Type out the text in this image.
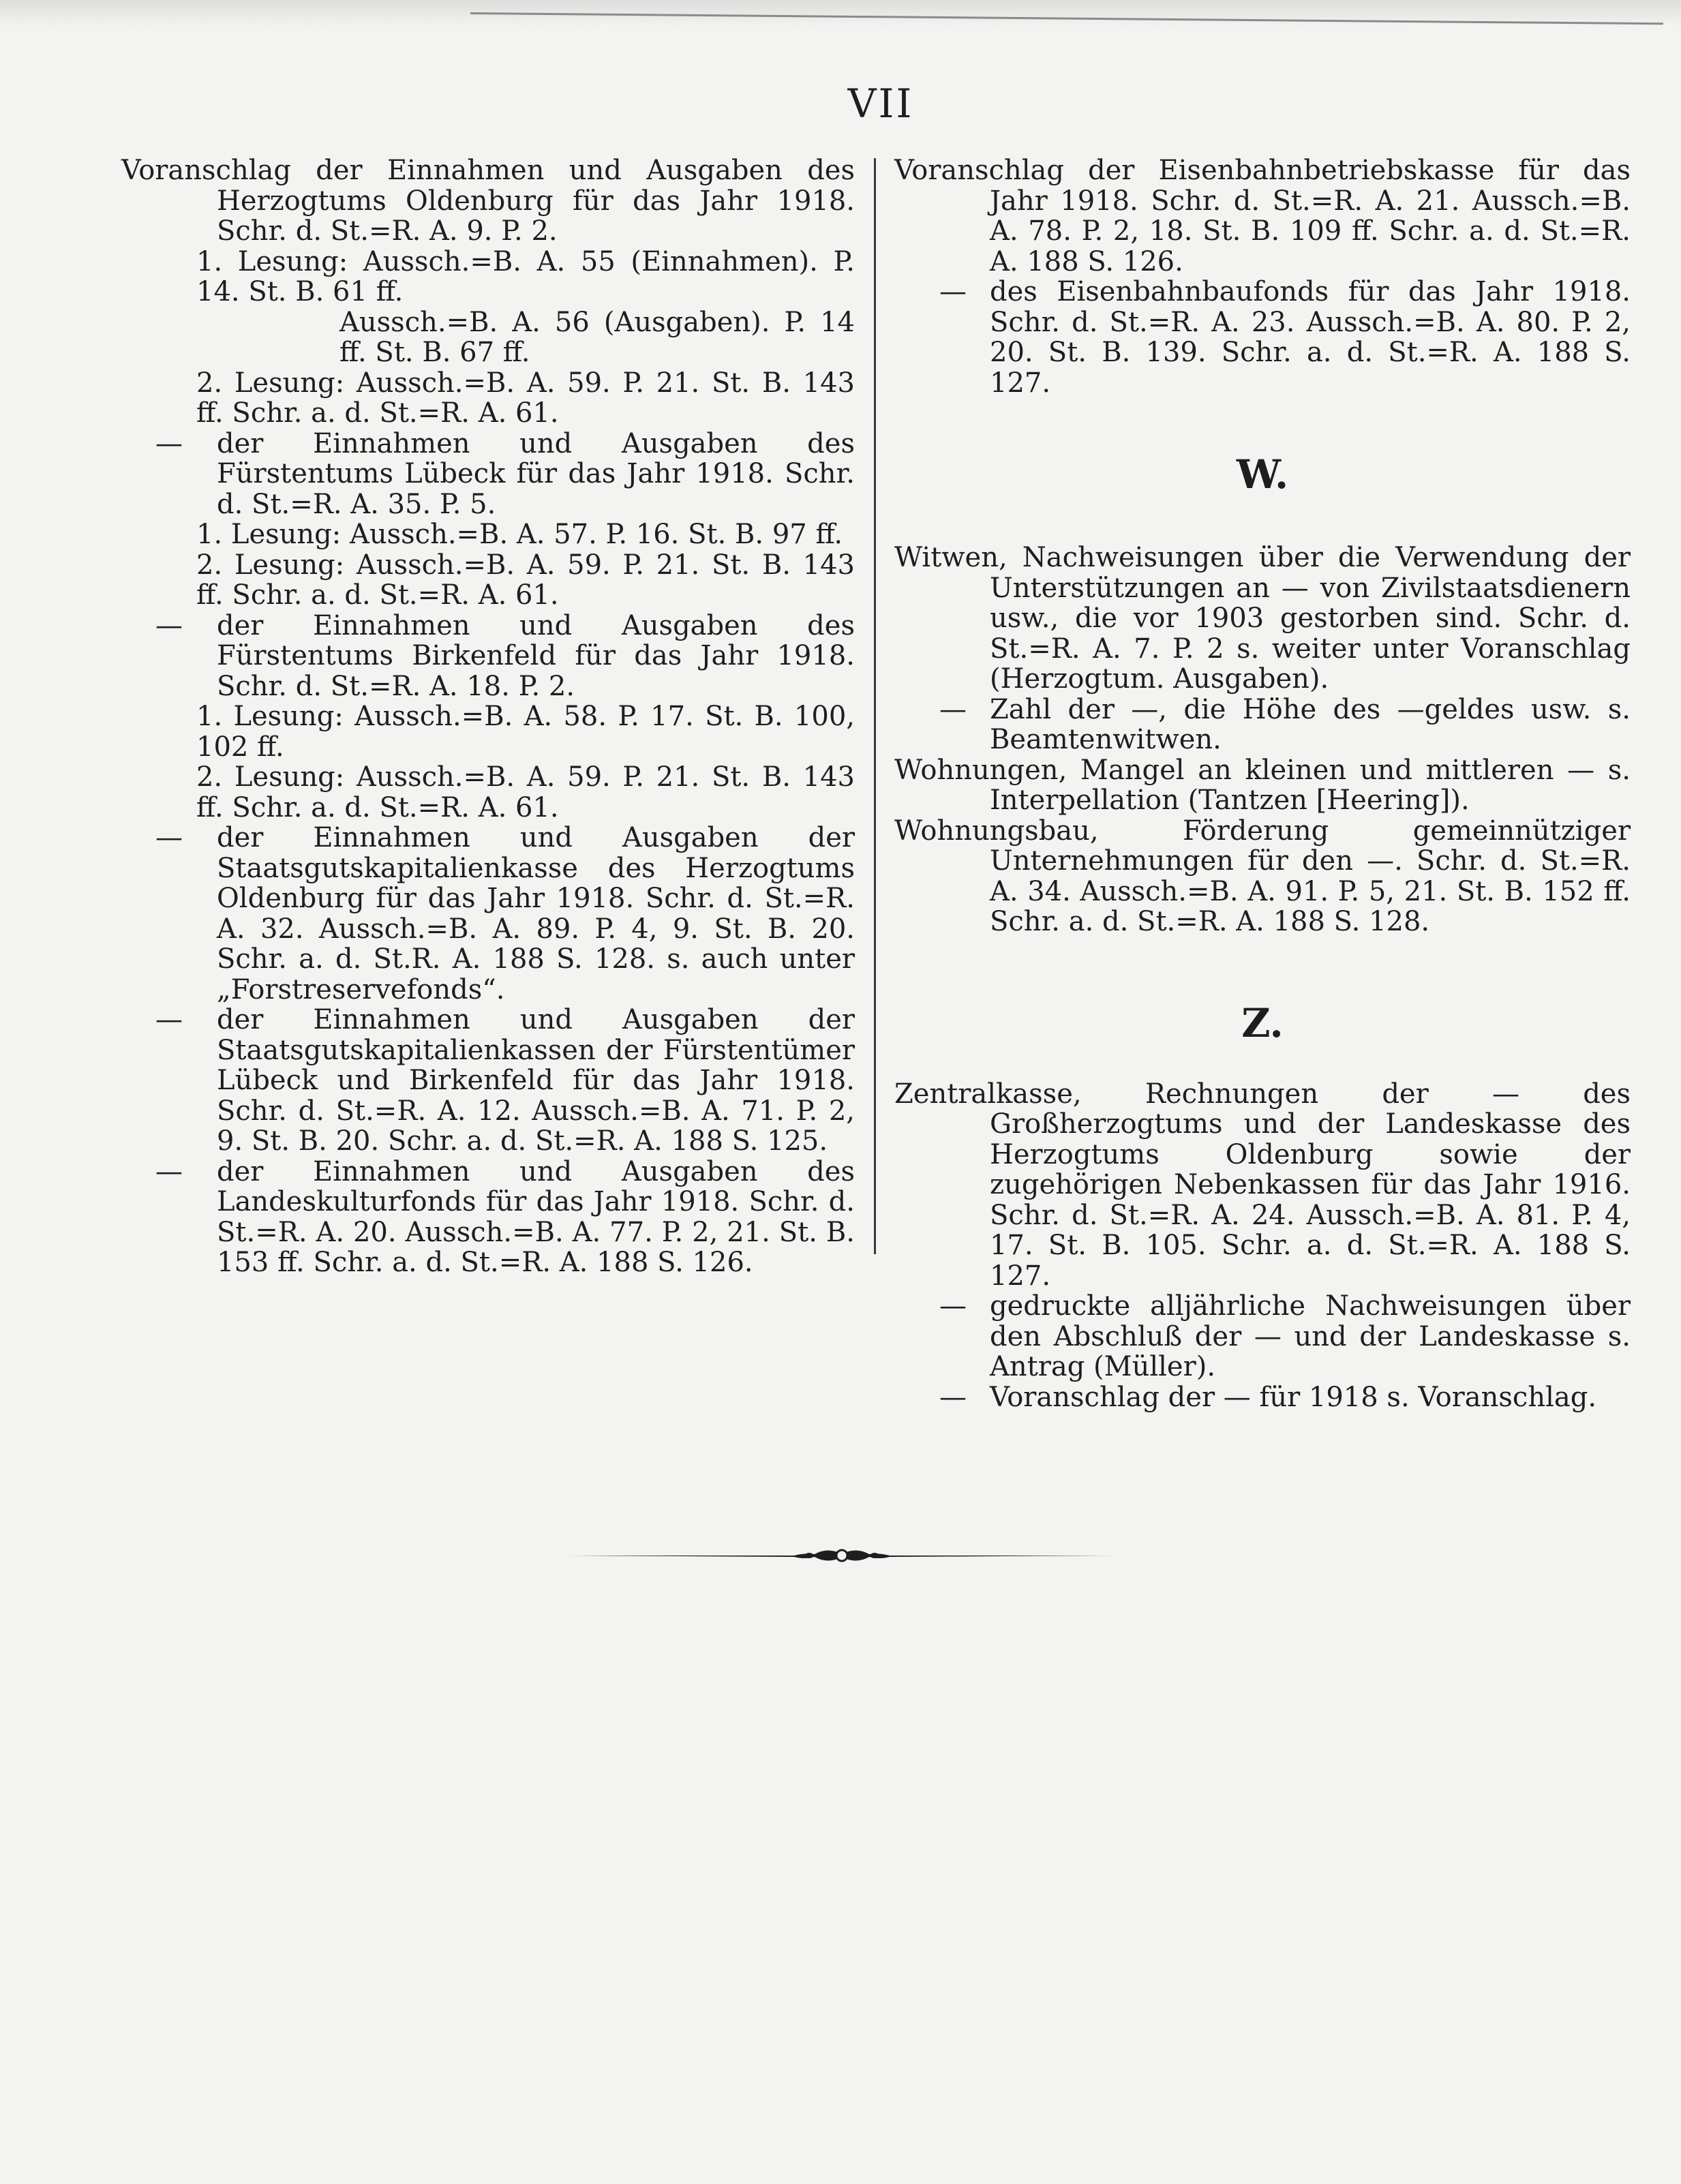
VII
Voranschlag der Einnahmen und Ausgaben des Herzogtums Oldenburg für das Jahr 1918. Schr. d. St.=R. A. 9. P. 2.
1. Lesung: Aussch.=B. A. 55 (Einnahmen). P. 14. St. B. 61 ff.
Aussch.=B. A. 56 (Ausgaben). P. 14 ff. St. B. 67 ff.
2. Lesung: Aussch.=B. A. 59. P. 21. St. B. 143 ff. Schr. a. d. St.=R. A. 61.
— der Einnahmen und Ausgaben des Fürstentums Lübeck für das Jahr 1918. Schr. d. St.=R. A. 35. P. 5.
1. Lesung: Aussch.=B. A. 57. P. 16. St. B. 97 ff.
2. Lesung: Aussch.=B. A. 59. P. 21. St. B. 143 ff. Schr. a. d. St.=R. A. 61.
— der Einnahmen und Ausgaben des Fürstentums Birkenfeld für das Jahr 1918. Schr. d. St.=R. A. 18. P. 2.
1. Lesung: Aussch.=B. A. 58. P. 17. St. B. 100, 102 ff.
2. Lesung: Aussch.=B. A. 59. P. 21. St. B. 143 ff. Schr. a. d. St.=R. A. 61.
— der Einnahmen und Ausgaben der Staatsgutskapitalienkasse des Herzogtums Oldenburg für das Jahr 1918. Schr. d. St.=R. A. 32. Aussch.=B. A. 89. P. 4, 9. St. B. 20. Schr. a. d. St.R. A. 188 S. 128. s. auch unter „Forstreservefonds“.
— der Einnahmen und Ausgaben der Staatsgutskapitalienkassen der Fürstentümer Lübeck und Birkenfeld für das Jahr 1918. Schr. d. St.=R. A. 12. Aussch.=B. A. 71. P. 2, 9. St. B. 20. Schr. a. d. St.=R. A. 188 S. 125.
— der Einnahmen und Ausgaben des Landeskulturfonds für das Jahr 1918. Schr. d. St.=R. A. 20. Aussch.=B. A. 77. P. 2, 21. St. B. 153 ff. Schr. a. d. St.=R. A. 188 S. 126.
Voranschlag der Eisenbahnbetriebskasse für das Jahr 1918. Schr. d. St.=R. A. 21. Aussch.=B. A. 78. P. 2, 18. St. B. 109 ff. Schr. a. d. St.=R. A. 188 S. 126.
— des Eisenbahnbaufonds für das Jahr 1918. Schr. d. St.=R. A. 23. Aussch.=B. A. 80. P. 2, 20. St. B. 139. Schr. a. d. St.=R. A. 188 S. 127.
W.
Witwen, Nachweisungen über die Verwendung der Unterstützungen an — von Zivilstaatsdienern usw., die vor 1903 gestorben sind. Schr. d. St.=R. A. 7. P. 2 s. weiter unter Voranschlag (Herzogtum. Ausgaben).
— Zahl der —, die Höhe des —geldes usw. s. Beamtenwitwen.
Wohnungen, Mangel an kleinen und mittleren — s. Interpellation (Tantzen [Heering]).
Wohnungsbau, Förderung gemeinnütziger Unternehmungen für den —. Schr. d. St.=R. A. 34. Aussch.=B. A. 91. P. 5, 21. St. B. 152 ff. Schr. a. d. St.=R. A. 188 S. 128.
Z.
Zentralkasse, Rechnungen der — des Großherzogtums und der Landeskasse des Herzogtums Oldenburg sowie der zugehörigen Nebenkassen für das Jahr 1916. Schr. d. St.=R. A. 24. Aussch.=B. A. 81. P. 4, 17. St. B. 105. Schr. a. d. St.=R. A. 188 S. 127.
— gedruckte alljährliche Nachweisungen über den Abschluß der — und der Landeskasse s. Antrag (Müller).
— Voranschlag der — für 1918 s. Voranschlag.
